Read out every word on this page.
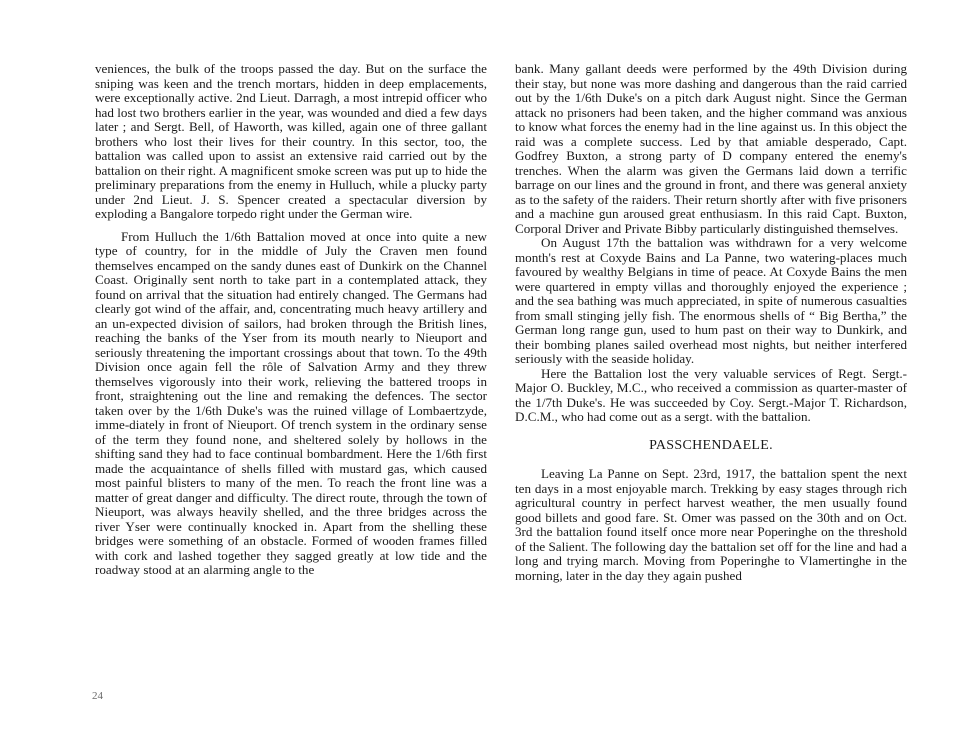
veniences, the bulk of the troops passed the day. But on the surface the sniping was keen and the trench mortars, hidden in deep emplacements, were exceptionally active. 2nd Lieut. Darragh, a most intrepid officer who had lost two brothers earlier in the year, was wounded and died a few days later ; and Sergt. Bell, of Haworth, was killed, again one of three gallant brothers who lost their lives for their country. In this sector, too, the battalion was called upon to assist an extensive raid carried out by the battalion on their right. A magnificent smoke screen was put up to hide the preliminary preparations from the enemy in Hulluch, while a plucky party under 2nd Lieut. J. S. Spencer created a spectacular diversion by exploding a Bangalore torpedo right under the German wire.

From Hulluch the 1/6th Battalion moved at once into quite a new type of country, for in the middle of July the Craven men found themselves encamped on the sandy dunes east of Dunkirk on the Channel Coast. Originally sent north to take part in a contemplated attack, they found on arrival that the situation had entirely changed. The Germans had clearly got wind of the affair, and, concentrating much heavy artillery and an un-expected division of sailors, had broken through the British lines, reaching the banks of the Yser from its mouth nearly to Nieuport and seriously threatening the important crossings about that town. To the 49th Division once again fell the rôle of Salvation Army and they threw themselves vigorously into their work, relieving the battered troops in front, straightening out the line and remaking the defences. The sector taken over by the 1/6th Duke's was the ruined village of Lombaertzyde, imme-diately in front of Nieuport. Of trench system in the ordinary sense of the term they found none, and sheltered solely by hollows in the shifting sand they had to face continual bombardment. Here the 1/6th first made the acquaintance of shells filled with mustard gas, which caused most painful blisters to many of the men. To reach the front line was a matter of great danger and difficulty. The direct route, through the town of Nieuport, was always heavily shelled, and the three bridges across the river Yser were continually knocked in. Apart from the shelling these bridges were something of an obstacle. Formed of wooden frames filled with cork and lashed together they sagged greatly at low tide and the roadway stood at an alarming angle to the

bank. Many gallant deeds were performed by the 49th Division during their stay, but none was more dashing and dangerous than the raid carried out by the 1/6th Duke's on a pitch dark August night. Since the German attack no prisoners had been taken, and the higher command was anxious to know what forces the enemy had in the line against us. In this object the raid was a complete success. Led by that amiable desperado, Capt. Godfrey Buxton, a strong party of D company entered the enemy's trenches. When the alarm was given the Germans laid down a terrific barrage on our lines and the ground in front, and there was general anxiety as to the safety of the raiders. Their return shortly after with five prisoners and a machine gun aroused great enthusiasm. In this raid Capt. Buxton, Corporal Driver and Private Bibby particularly distinguished themselves.

On August 17th the battalion was withdrawn for a very welcome month's rest at Coxyde Bains and La Panne, two watering-places much favoured by wealthy Belgians in time of peace. At Coxyde Bains the men were quartered in empty villas and thoroughly enjoyed the experience ; and the sea bathing was much appreciated, in spite of numerous casualties from small stinging jelly fish. The enormous shells of “ Big Bertha,” the German long range gun, used to hum past on their way to Dunkirk, and their bombing planes sailed overhead most nights, but neither interfered seriously with the seaside holiday.

Here the Battalion lost the very valuable services of Regt. Sergt.-Major O. Buckley, M.C., who received a commission as quarter-master of the 1/7th Duke's. He was succeeded by Coy. Sergt.-Major T. Richardson, D.C.M., who had come out as a sergt. with the battalion.

PASSCHENDAELE.

Leaving La Panne on Sept. 23rd, 1917, the battalion spent the next ten days in a most enjoyable march. Trekking by easy stages through rich agricultural country in perfect harvest weather, the men usually found good billets and good fare. St. Omer was passed on the 30th and on Oct. 3rd the battalion found itself once more near Poperinghe on the threshold of the Salient. The following day the battalion set off for the line and had a long and trying march. Moving from Poperinghe to Vlamertinghe in the morning, later in the day they again pushed

24
